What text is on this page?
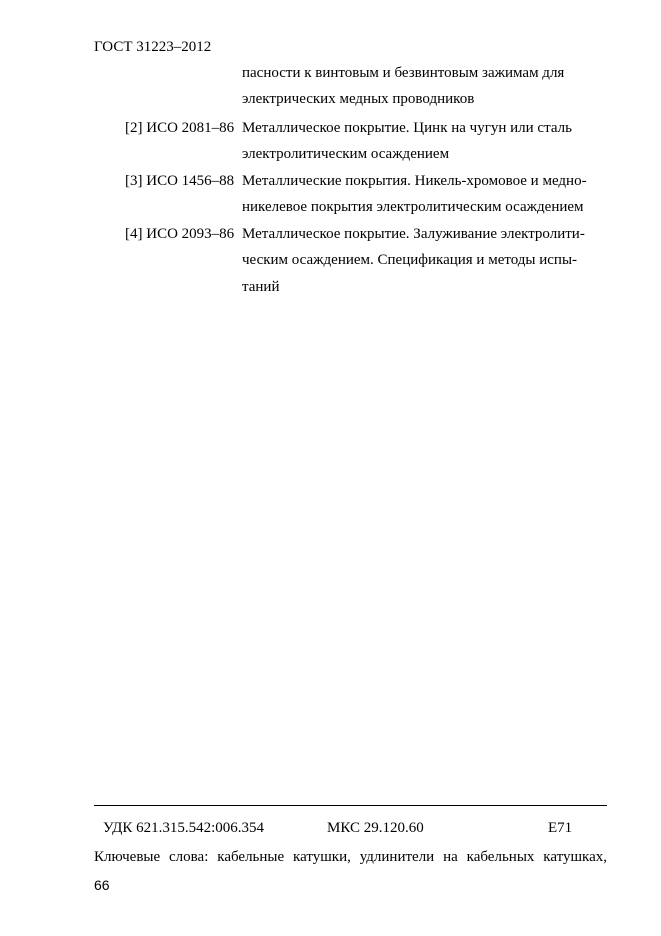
ГОСТ 31223–2012
пасности к винтовым и безвинтовым зажимам для
электрических медных проводников
[2] ИСО 2081–86 Металлическое покрытие. Цинк на чугун или сталь
электролитическим осаждением
[3] ИСО 1456–88 Металлические покрытия. Никель-хромовое и медно-
никелевое покрытия электролитическим осаждением
[4] ИСО 2093–86 Металлическое покрытие. Залуживание электролити-
ческим осаждением. Спецификация и методы испы-
таний
УДК 621.315.542:006.354	МКС 29.120.60	Е71
Ключевые слова: кабельные катушки, удлинители на кабельных катушках,
66
